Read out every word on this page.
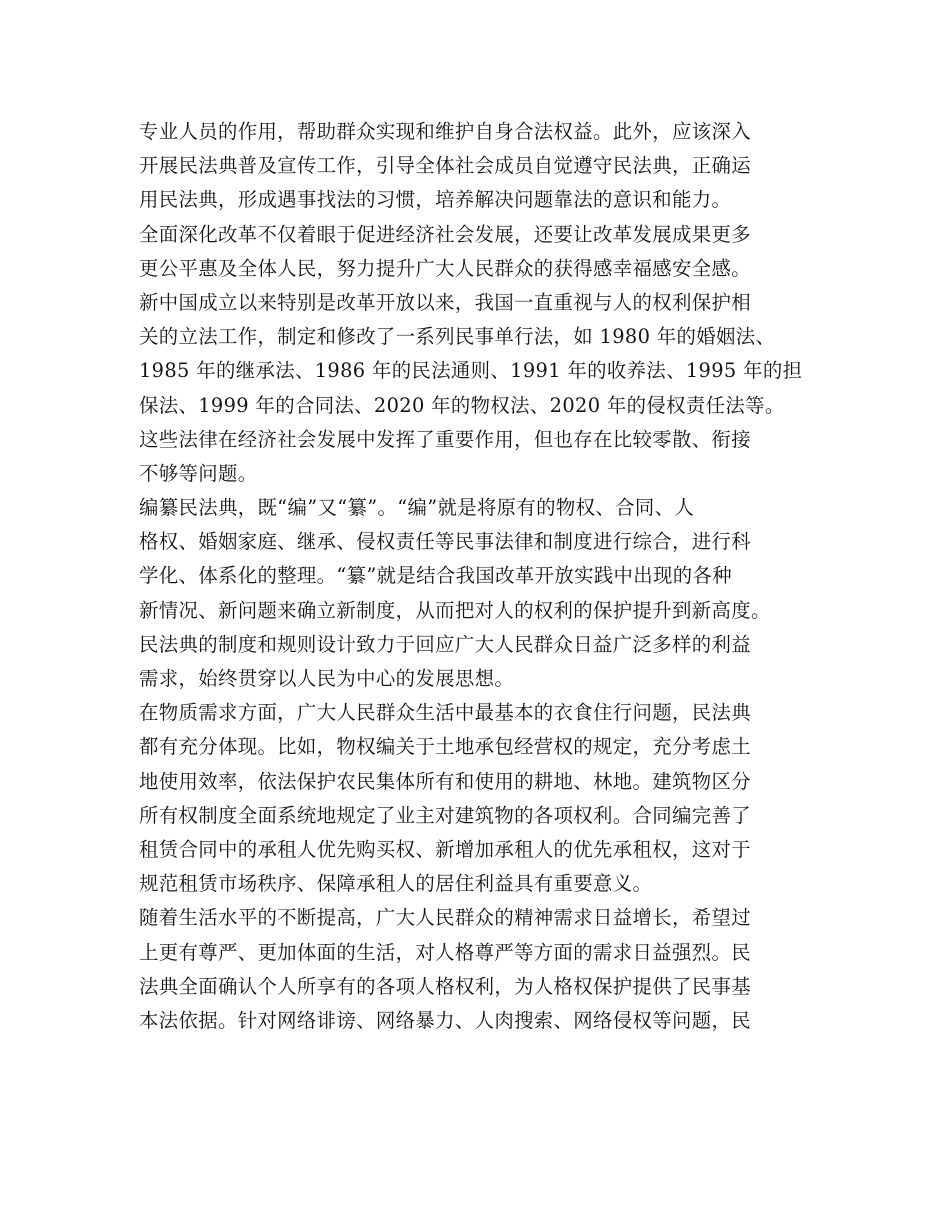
专业人员的作用，帮助群众实现和维护自身合法权益。此外，应该深入
开展民法典普及宣传工作，引导全体社会成员自觉遵守民法典，正确运
用民法典，形成遇事找法的习惯，培养解决问题靠法的意识和能力。
全面深化改革不仅着眼于促进经济社会发展，还要让改革发展成果更多
更公平惠及全体人民，努力提升广大人民群众的获得感幸福感安全感。
新中国成立以来特别是改革开放以来，我国一直重视与人的权利保护相
关的立法工作，制定和修改了一系列民事单行法，如 1980 年的婚姻法、
1985 年的继承法、1986 年的民法通则、1991 年的收养法、1995 年的担
保法、1999 年的合同法、2020 年的物权法、2020 年的侵权责任法等。
这些法律在经济社会发展中发挥了重要作用，但也存在比较零散、衔接
不够等问题。
编纂民法典，既“编”又“纂”。“编”就是将原有的物权、合同、人
格权、婚姻家庭、继承、侵权责任等民事法律和制度进行综合，进行科
学化、体系化的整理。“纂”就是结合我国改革开放实践中出现的各种
新情况、新问题来确立新制度，从而把对人的权利的保护提升到新高度。
民法典的制度和规则设计致力于回应广大人民群众日益广泛多样的利益
需求，始终贯穿以人民为中心的发展思想。
在物质需求方面，广大人民群众生活中最基本的衣食住行问题，民法典
都有充分体现。比如，物权编关于土地承包经营权的规定，充分考虑土
地使用效率，依法保护农民集体所有和使用的耕地、林地。建筑物区分
所有权制度全面系统地规定了业主对建筑物的各项权利。合同编完善了
租赁合同中的承租人优先购买权、新增加承租人的优先承租权，这对于
规范租赁市场秩序、保障承租人的居住利益具有重要意义。
随着生活水平的不断提高，广大人民群众的精神需求日益增长，希望过
上更有尊严、更加体面的生活，对人格尊严等方面的需求日益强烈。民
法典全面确认个人所享有的各项人格权利，为人格权保护提供了民事基
本法依据。针对网络诽谤、网络暴力、人肉搜索、网络侵权等问题，民
